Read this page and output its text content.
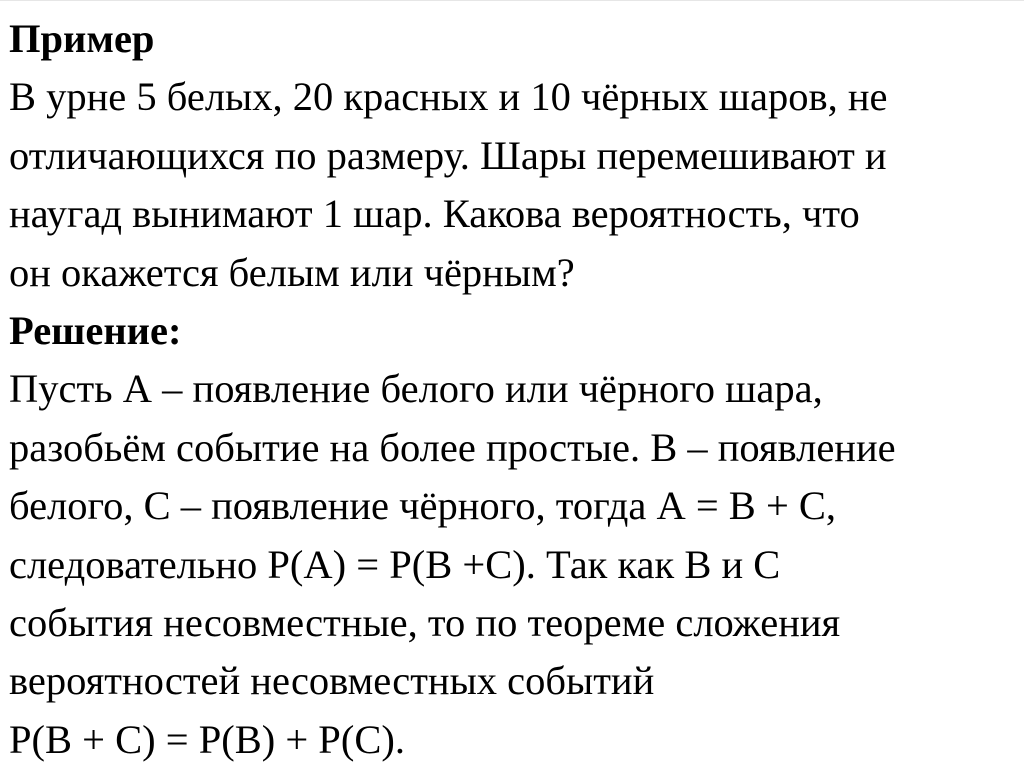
Пример
В урне 5 белых, 20 красных и 10 чёрных шаров, не
отличающихся по размеру. Шары перемешивают и
наугад вынимают 1 шар. Какова вероятность, что
он окажется белым или чёрным?
Решение:
Пусть А – появление белого или чёрного шара,
разобьём событие на более простые. В – появление
белого, С – появление чёрного, тогда А = В + С,
следовательно Р(А) = Р(В +С). Так как В и С
события несовместные, то по теореме сложения
вероятностей несовместных событий
Р(В + С) = Р(В) + Р(С).
